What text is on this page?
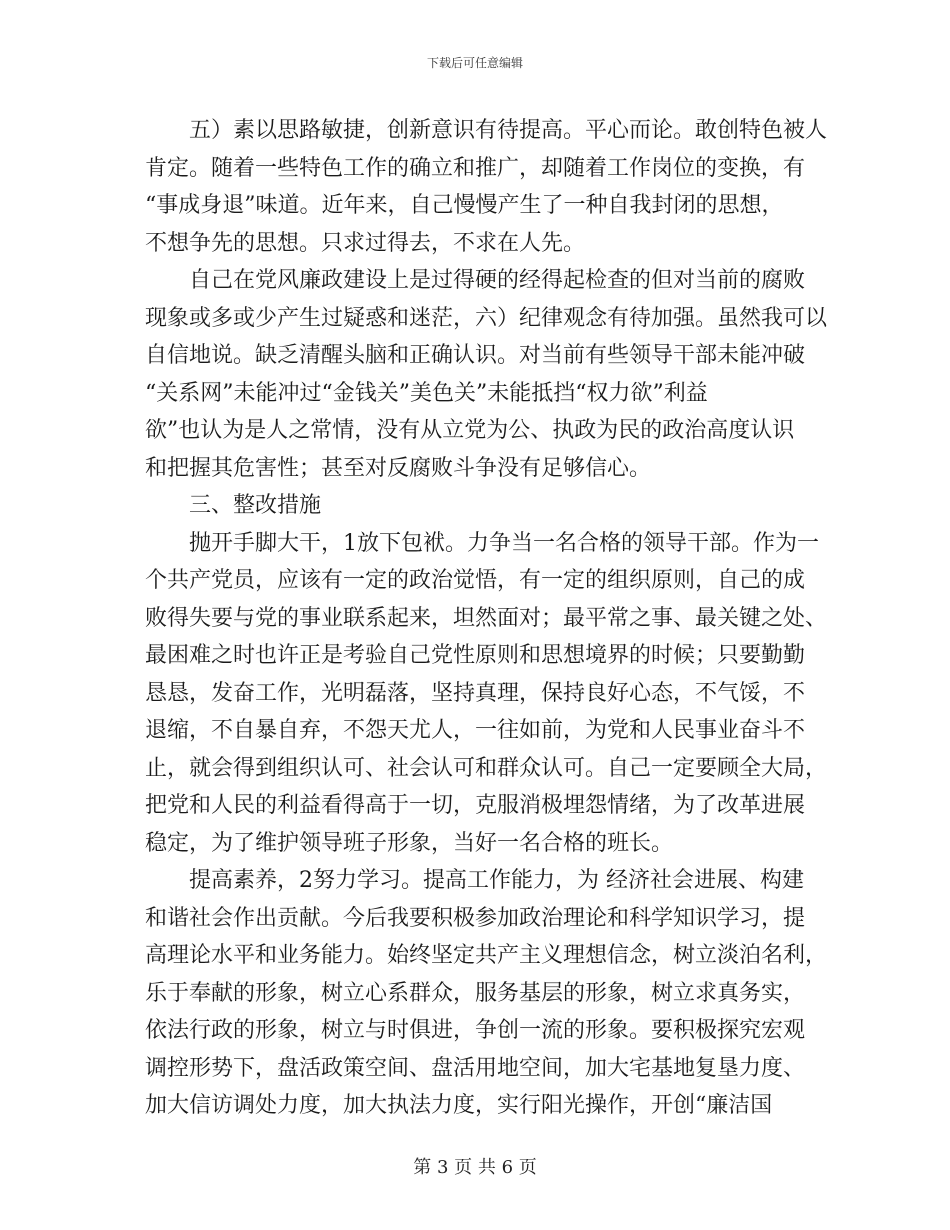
下载后可任意编辑
五）素以思路敏捷，创新意识有待提高。平心而论。敢创特色被人
肯定。随着一些特色工作的确立和推广，却随着工作岗位的变换，有
“事成身退”味道。近年来，自己慢慢产生了一种自我封闭的思想，
不想争先的思想。只求过得去，不求在人先。
自己在党风廉政建设上是过得硬的经得起检查的但对当前的腐败
现象或多或少产生过疑惑和迷茫，六）纪律观念有待加强。虽然我可以
自信地说。缺乏清醒头脑和正确认识。对当前有些领导干部未能冲破
“关系网”未能冲过“金钱关”美色关”未能抵挡“权力欲”利益
欲”也认为是人之常情，没有从立党为公、执政为民的政治高度认识
和把握其危害性；甚至对反腐败斗争没有足够信心。
三、整改措施
抛开手脚大干，1放下包袱。力争当一名合格的领导干部。作为一
个共产党员，应该有一定的政治觉悟，有一定的组织原则，自己的成
败得失要与党的事业联系起来，坦然面对；最平常之事、最关键之处、
最困难之时也许正是考验自己党性原则和思想境界的时候；只要勤勤
恳恳，发奋工作，光明磊落，坚持真理，保持良好心态，不气馁，不
退缩，不自暴自弃，不怨天尤人，一往如前，为党和人民事业奋斗不
止，就会得到组织认可、社会认可和群众认可。自己一定要顾全大局，
把党和人民的利益看得高于一切，克服消极埋怨情绪，为了改革进展
稳定，为了维护领导班子形象，当好一名合格的班长。
提高素养，2努力学习。提高工作能力，为 经济社会进展、构建
和谐社会作出贡献。今后我要积极参加政治理论和科学知识学习，提
高理论水平和业务能力。始终坚定共产主义理想信念，树立淡泊名利，
乐于奉献的形象，树立心系群众，服务基层的形象，树立求真务实，
依法行政的形象，树立与时俱进，争创一流的形象。要积极探究宏观
调控形势下，盘活政策空间、盘活用地空间，加大宅基地复垦力度、
加大信访调处力度，加大执法力度，实行阳光操作，开创“廉洁国
第 3 页 共 6 页
